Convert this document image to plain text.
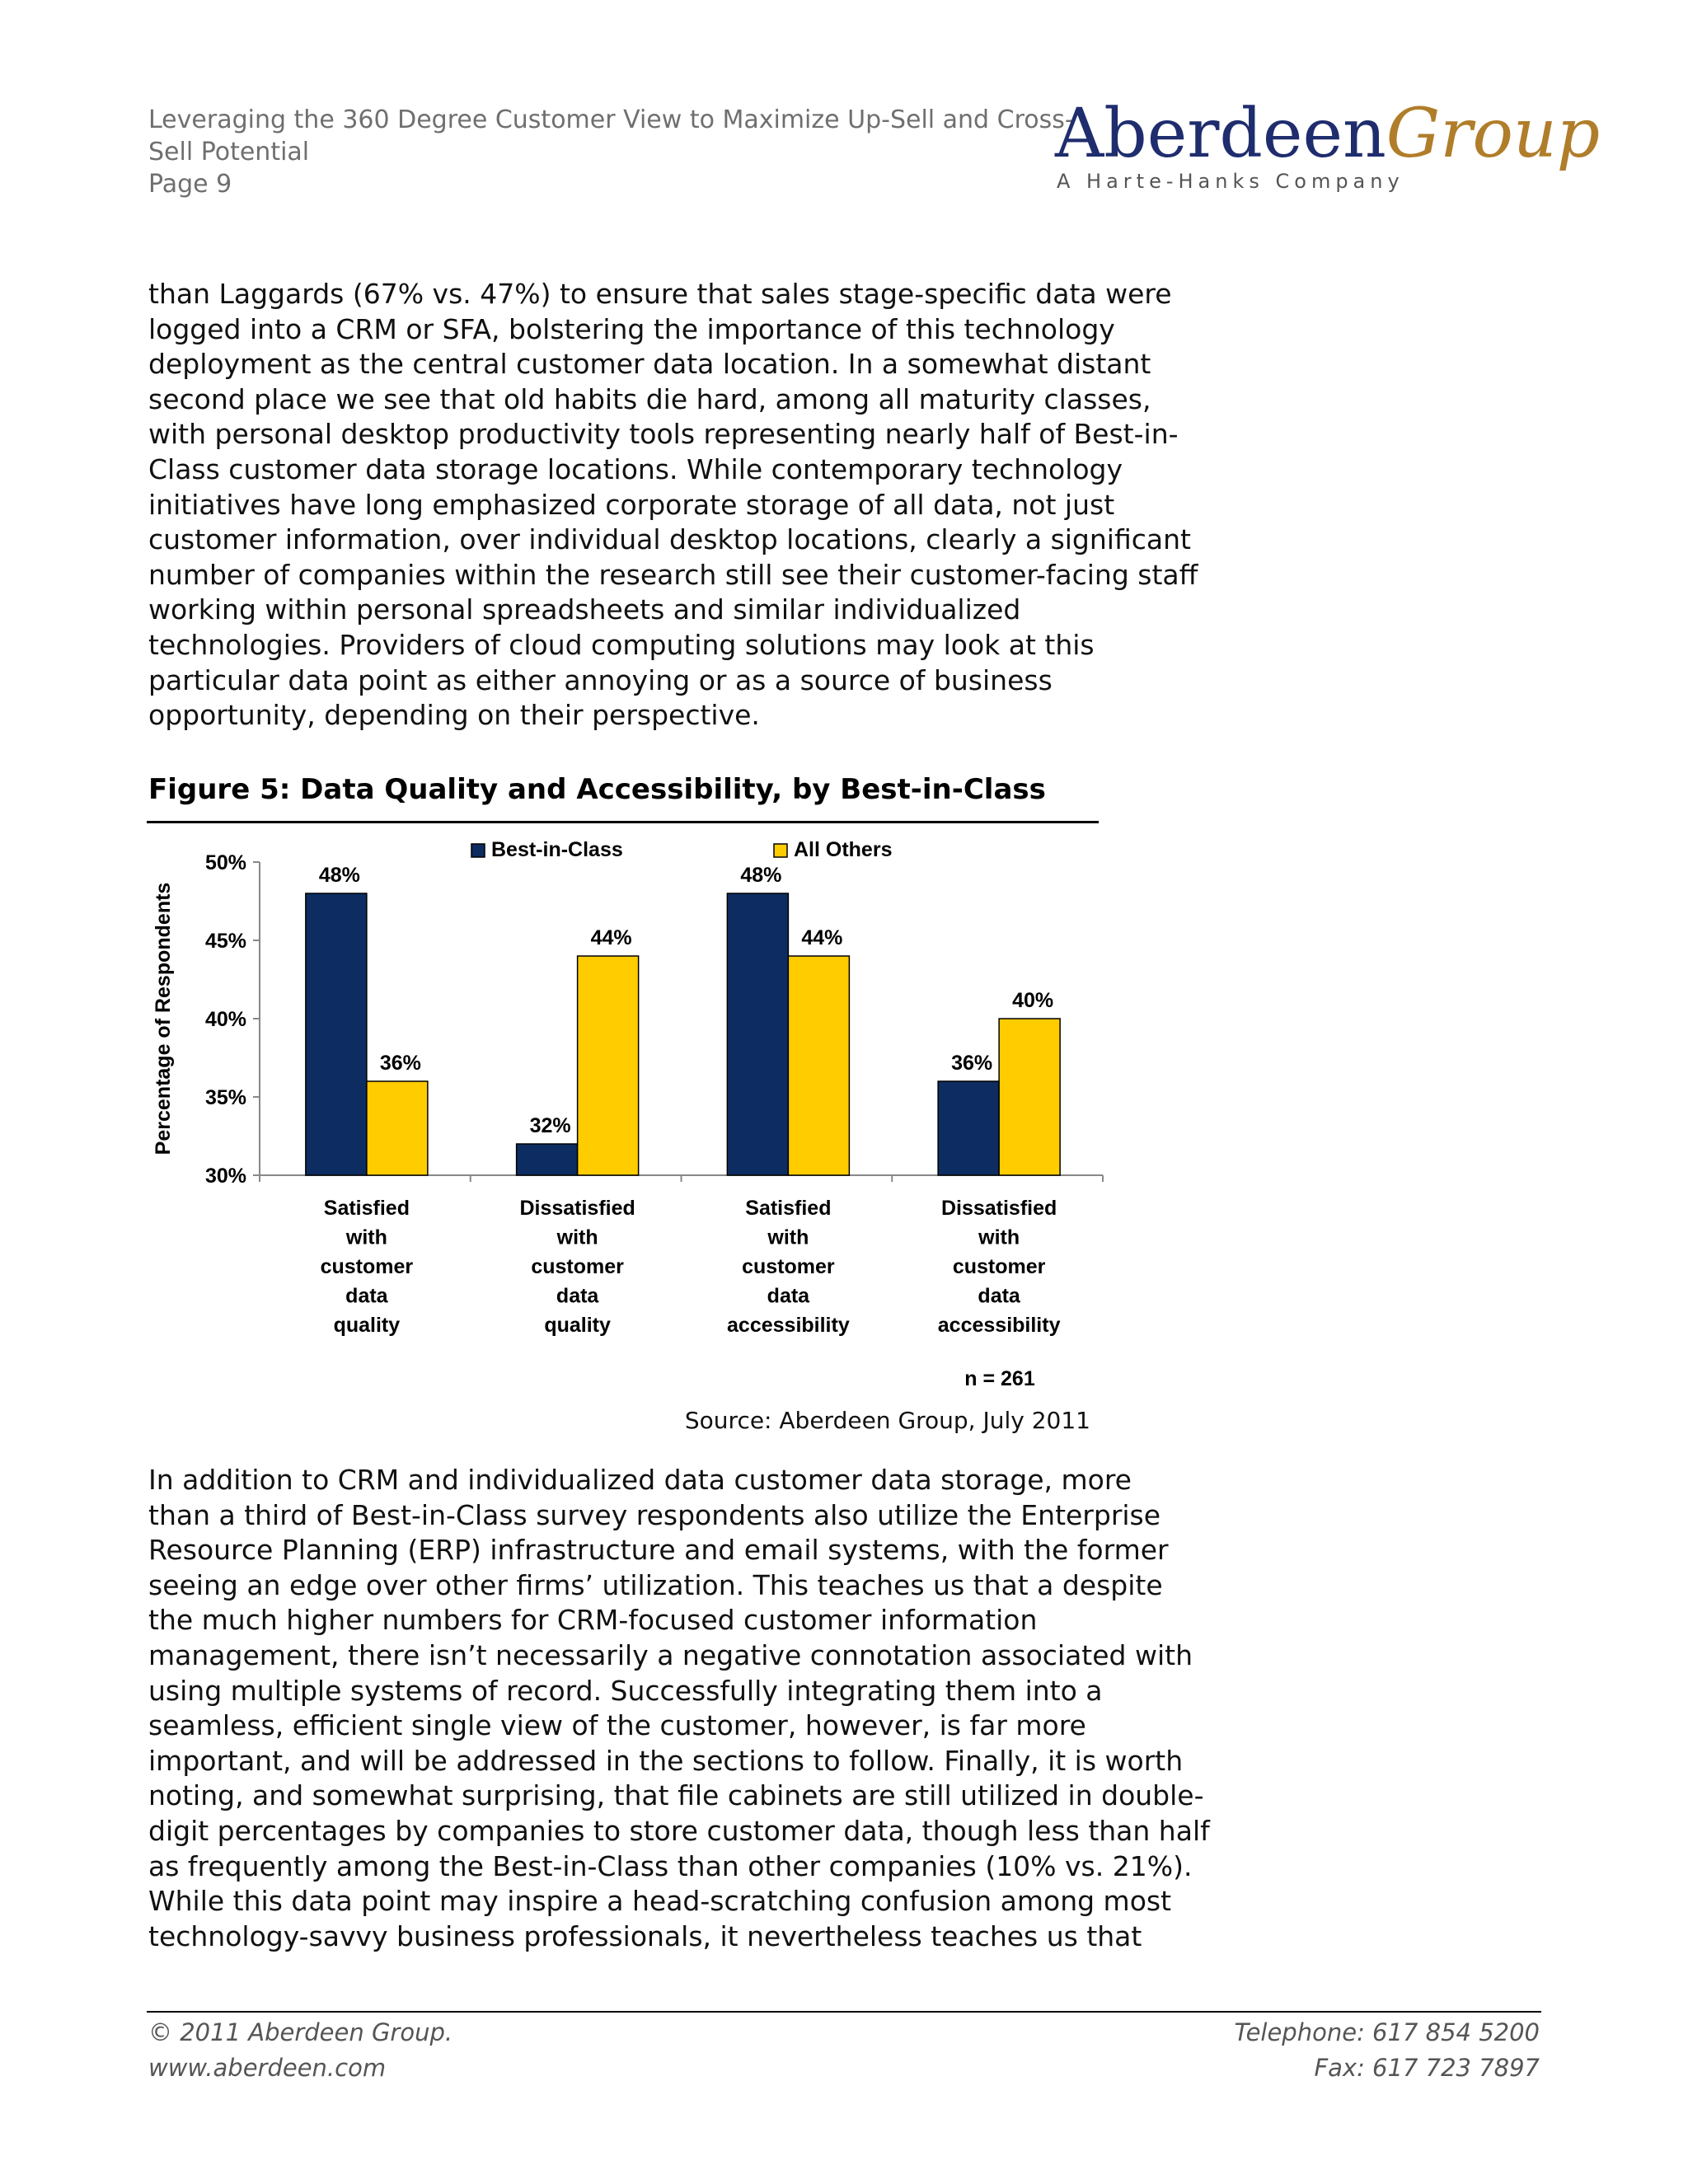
Leveraging the 360 Degree Customer View to Maximize Up-Sell and Cross-
Sell Potential
Page 9
AberdeenGroup
A Harte-Hanks Company
than Laggards (67% vs. 47%) to ensure that sales stage-specific data were
logged into a CRM or SFA, bolstering the importance of this technology
deployment as the central customer data location. In a somewhat distant
second place we see that old habits die hard, among all maturity classes,
with personal desktop productivity tools representing nearly half of Best-in-
Class customer data storage locations. While contemporary technology
initiatives have long emphasized corporate storage of all data, not just
customer information, over individual desktop locations, clearly a significant
number of companies within the research still see their customer-facing staff
working within personal spreadsheets and similar individualized
technologies. Providers of cloud computing solutions may look at this
particular data point as either annoying or as a source of business
opportunity, depending on their perspective.
Figure 5: Data Quality and Accessibility, by Best-in-Class
Percentage of Respondents
30%
35%
40%
45%
50%
48%
36%
Satisfied
with
customer
data
quality
32%
44%
Dissatisfied
with
customer
data
quality
48%
44%
Satisfied
with
customer
data
accessibility
36%
40%
Dissatisfied
with
customer
data
accessibility
Best-in-Class	All Others
n = 261
Source: Aberdeen Group, July 2011
In addition to CRM and individualized data customer data storage, more
than a third of Best-in-Class survey respondents also utilize the Enterprise
Resource Planning (ERP) infrastructure and email systems, with the former
seeing an edge over other firms’ utilization. This teaches us that a despite
the much higher numbers for CRM-focused customer information
management, there isn’t necessarily a negative connotation associated with
using multiple systems of record. Successfully integrating them into a
seamless, efficient single view of the customer, however, is far more
important, and will be addressed in the sections to follow. Finally, it is worth
noting, and somewhat surprising, that file cabinets are still utilized in double-
digit percentages by companies to store customer data, though less than half
as frequently among the Best-in-Class than other companies (10% vs. 21%).
While this data point may inspire a head-scratching confusion among most
technology-savvy business professionals, it nevertheless teaches us that
© 2011 Aberdeen Group.
www.aberdeen.com
Telephone: 617 854 5200
Fax: 617 723 7897
